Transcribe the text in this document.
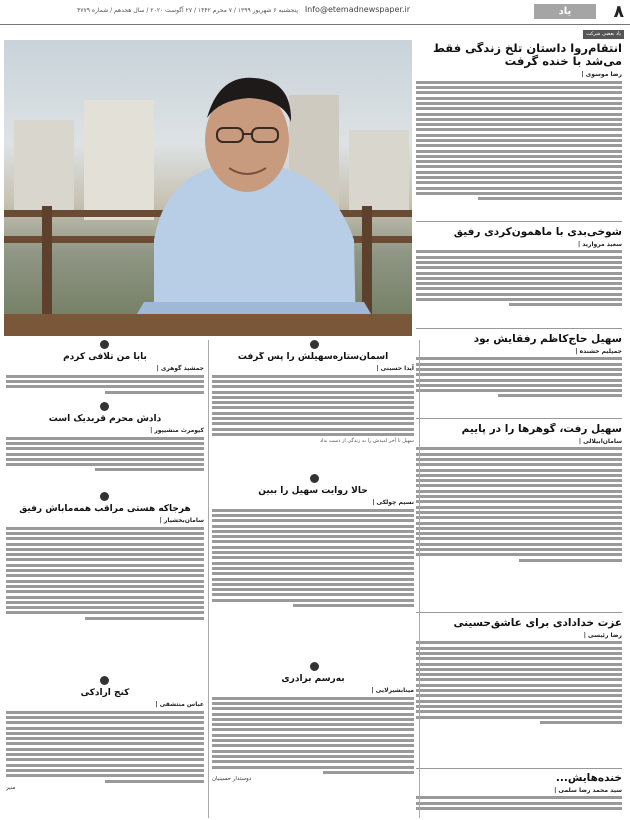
۸
یاد
Info@etemadnewspaper.ir
پنجشنبه ۶ شهریور ۱۳۹۹ / ۷ محرم ۱۴۴۲ / ۲۷ آگوست ۲۰۲۰ / سال هجدهم / شماره ۴۷۷۹
یاد بعضی شرکت
انتقام‌روا داستان تلخ زندگی فقط می‌شد با خنده گرفت
رضا موسوی |
شوخی‌بدی با ماهمون‌کردی رفیق
سعید مروارید |
سهیل حاج‌کاظم رفقایش بود
جمیلیم خشنده |
سهیل رفت، گوهرها را در پاییم
سامان‌ابیلالی |
عزت خدادادی برای عاشق‌حسینی
رضا رئیسی |
خنده‌هایش...
سید محمد رضا سلمی |
آسمان‌ستاره‌سهیلش را پس گرفت
آیدا حسینی |
سهیل تا آخر امیدش را به زندگی از دست نداد
حالا روایت سهیل را ببین
نسیم چولکی |
به‌رسم برادری
مینابشیرلایی |
دوستدار حسینیان
بابا من تلافی کردم
جمشید گوهری |
دادش محرم قربدیک است
کیومرث منشیپور |
هرجاکه هستی مراقب همه‌ما‌باش رفیق
سامان‌بخشیار |
کنج آرادکی
عباس منتشقی |
منیر
